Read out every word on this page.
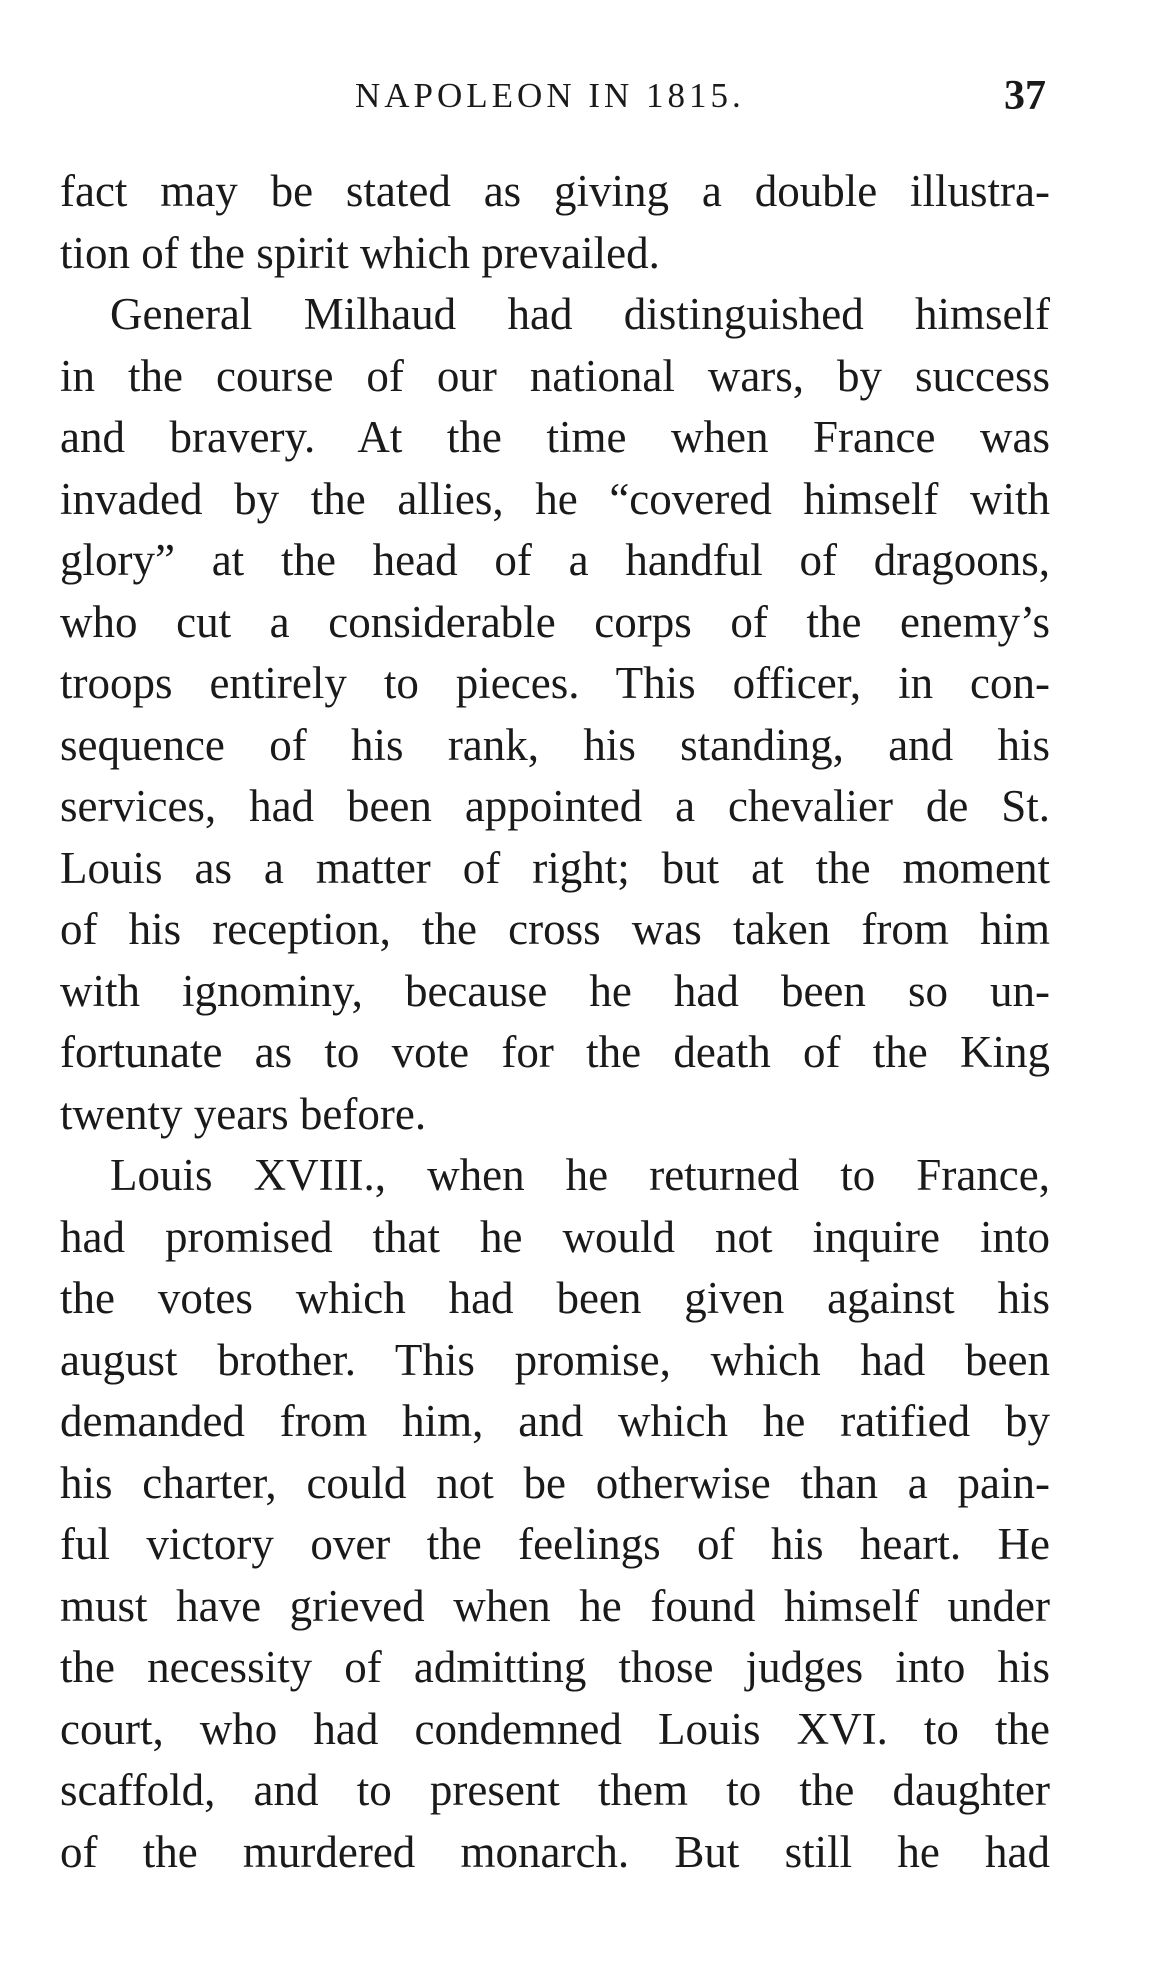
NAPOLEON IN 1815.	37
fact may be stated as giving a double illustra-
tion of the spirit which prevailed.
General Milhaud had distinguished himself
in the course of our national wars, by success
and bravery. At the time when France was
invaded by the allies, he “covered himself with
glory” at the head of a handful of dragoons,
who cut a considerable corps of the enemy’s
troops entirely to pieces. This officer, in con-
sequence of his rank, his standing, and his
services, had been appointed a chevalier de St.
Louis as a matter of right; but at the moment
of his reception, the cross was taken from him
with ignominy, because he had been so un-
fortunate as to vote for the death of the King
twenty years before.
Louis XVIII., when he returned to France,
had promised that he would not inquire into
the votes which had been given against his
august brother. This promise, which had been
demanded from him, and which he ratified by
his charter, could not be otherwise than a pain-
ful victory over the feelings of his heart. He
must have grieved when he found himself under
the necessity of admitting those judges into his
court, who had condemned Louis XVI. to the
scaffold, and to present them to the daughter
of the murdered monarch. But still he had
